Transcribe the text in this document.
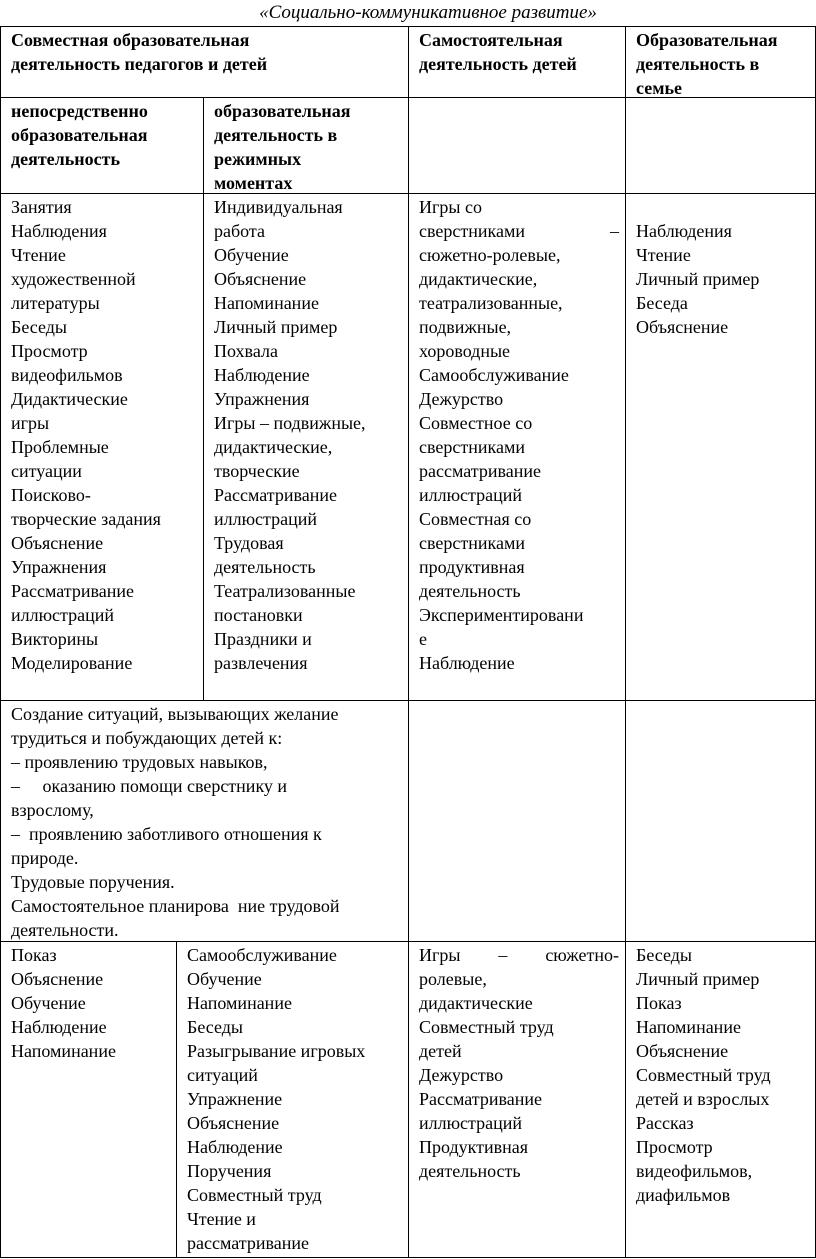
«Социально-коммуникативное развитие»
Совместная образовательная
деятельность педагогов и детей
Самостоятельная
деятельность детей
Образовательная
деятельность в
семье
непосредственно
образовательная
деятельность
образовательная
деятельность в
режимных
моментах
Занятия
Наблюдения
Чтение
художественной
литературы
Беседы
Просмотр
видеофильмов
Дидактические
игры
Проблемные
ситуации
Поисково-
творческие задания
Объяснение
Упражнения
Рассматривание
иллюстраций
Викторины
Моделирование
Индивидуальная
работа
Обучение
Объяснение
Напоминание
Личный пример
Похвала
Наблюдение
Упражнения
Игры – подвижные,
дидактические,
творческие
Рассматривание
иллюстраций
Трудовая
деятельность
Театрализованные
постановки
Праздники и
развлечения
Игры со
сверстниками –
сюжетно-ролевые,
дидактические,
театрализованные,
подвижные,
хороводные
Самообслуживание
Дежурство
Совместное со
сверстниками
рассматривание
иллюстраций
Совместная со
сверстниками
продуктивная
деятельность
Экспериментировани
е
Наблюдение
Наблюдения
Чтение
Личный пример
Беседа
Объяснение
Создание ситуаций, вызывающих желание
трудиться и побуждающих детей к:
– проявлению трудовых навыков,
–     оказанию помощи сверстнику и
взрослому,
–  проявлению заботливого отношения к
природе.
Трудовые поручения.
Самостоятельное планирова  ние трудовой
деятельности.
Показ
Объяснение
Обучение
Наблюдение
Напоминание
Самообслуживание
Обучение
Напоминание
Беседы
Разыгрывание игровых
ситуаций
Упражнение
Объяснение
Наблюдение
Поручения
Совместный труд
Чтение и
рассматривание
Игры – сюжетно-
ролевые,
дидактические
Совместный труд
детей
Дежурство
Рассматривание
иллюстраций
Продуктивная
деятельность
Беседы
Личный пример
Показ
Напоминание
Объяснение
Совместный труд
детей и взрослых
Рассказ
Просмотр
видеофильмов,
диафильмов
